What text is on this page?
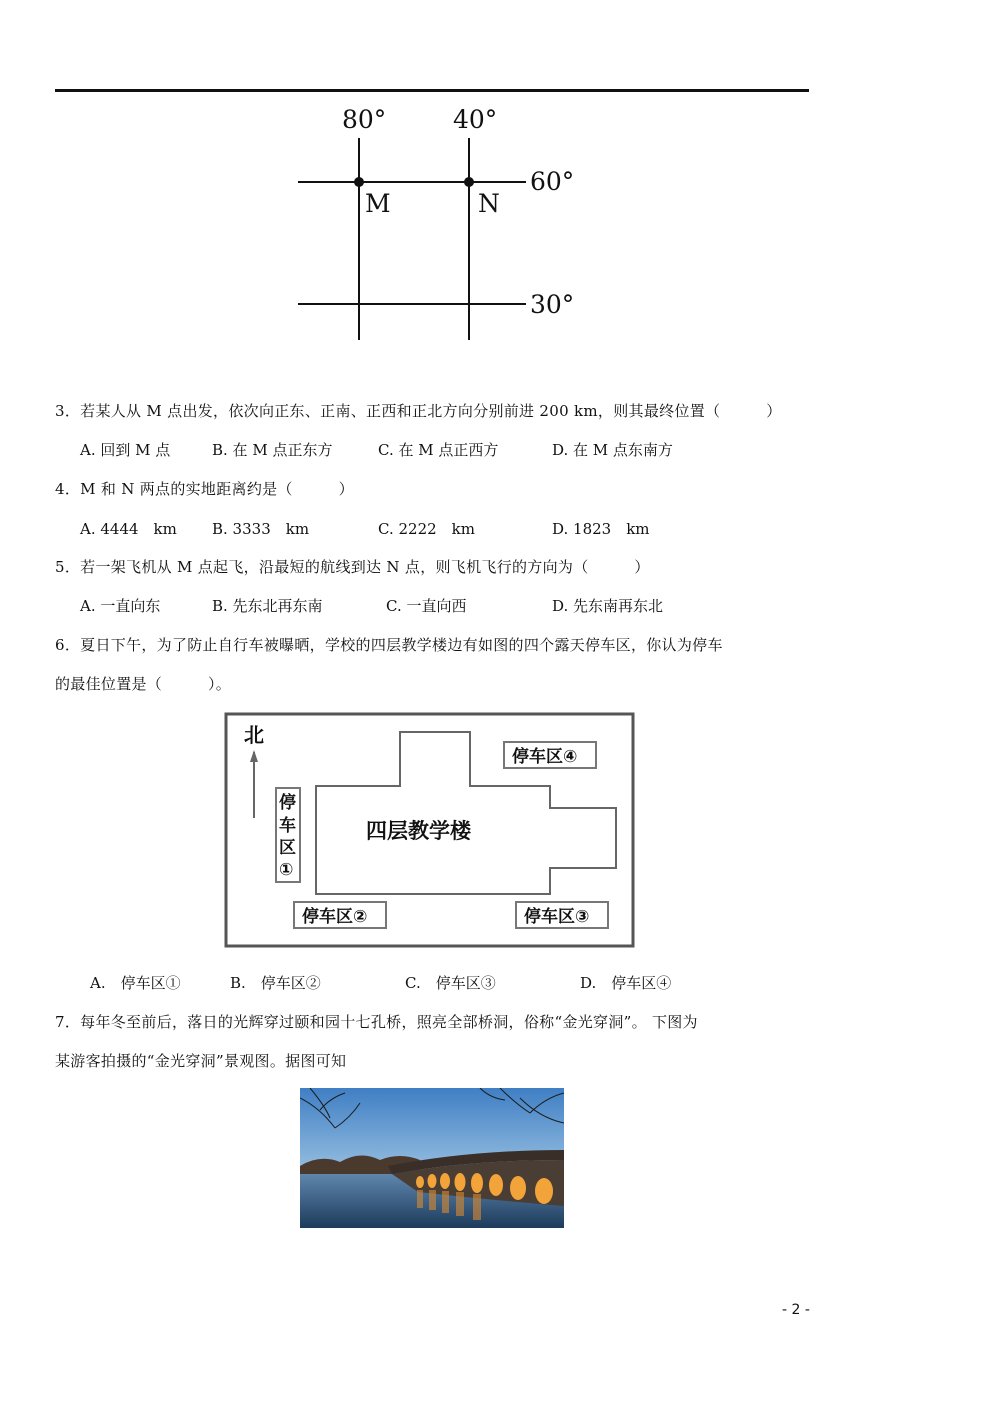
80°	40°
60°
30°
M	N
3．若某人从 M 点出发，依次向正东、正南、正西和正北方向分别前进 200 km，则其最终位置（　　　）
A. 回到 M 点	B. 在 M 点正东方	C. 在 M 点正西方	D. 在 M 点东南方
4．M 和 N 两点的实地距离约是（　　　）
A. 4444　km B. 3333　km	C. 2222　km	D. 1823　km
5．若一架飞机从 M 点起飞，沿最短的航线到达 N 点，则飞机飞行的方向为（　　　）
A. 一直向东	B. 先东北再东南	C. 一直向西	D. 先东南再东北
6．夏日下午，为了防止自行车被曝晒，学校的四层教学楼边有如图的四个露天停车区，你认为停车
的最佳位置是（　　　）。
北
四层教学楼
停
车
区
①
停车区②	停车区③
停车区④
A.　停车区①	B.　停车区②	C.　停车区③	D.　停车区④
7．每年冬至前后，落日的光辉穿过颐和园十七孔桥，照亮全部桥洞，俗称“金光穿洞”。 下图为
某游客拍摄的“金光穿洞”景观图。据图可知
- 2 -
